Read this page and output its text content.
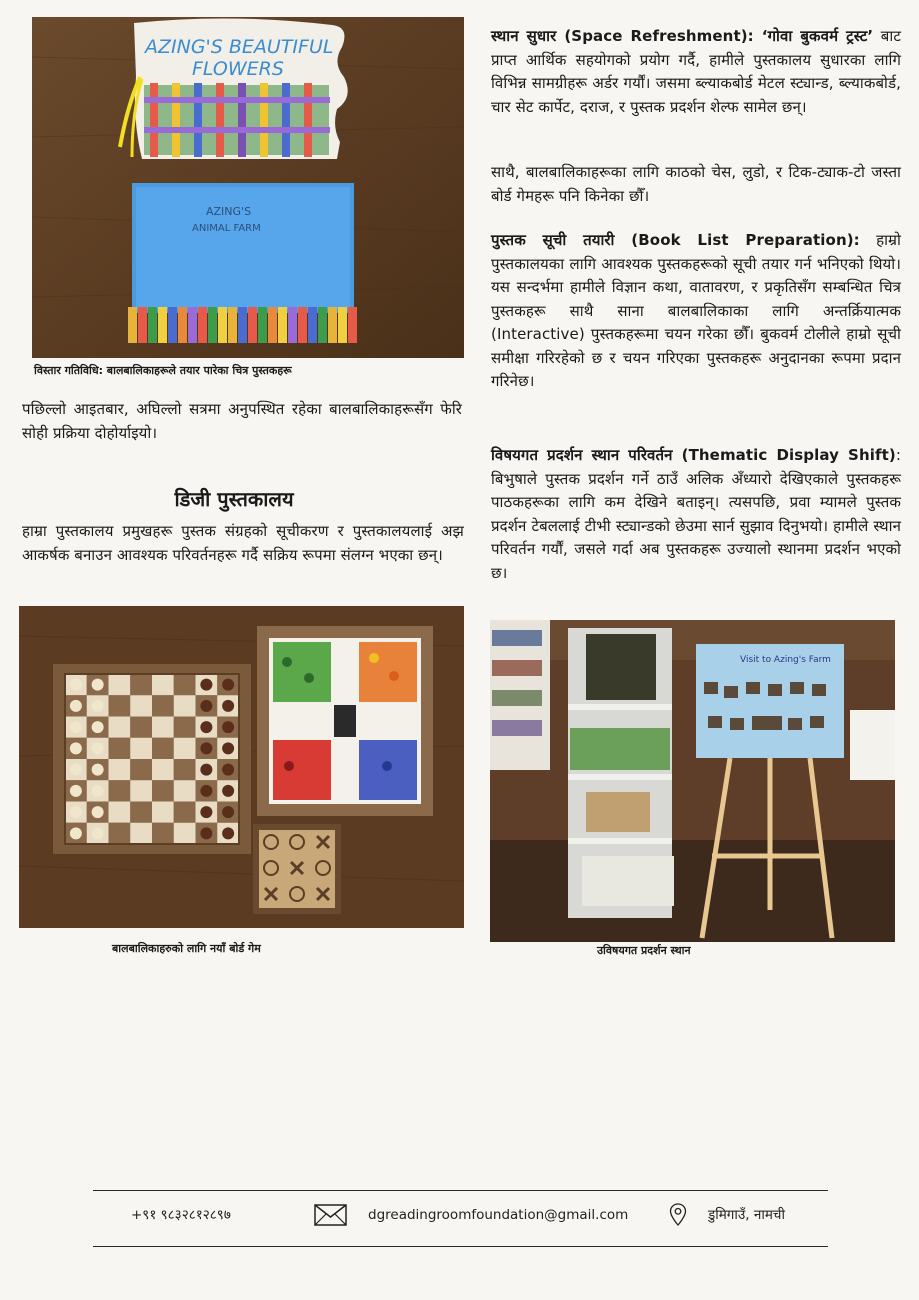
AZING'S BEAUTIFUL
FLOWERS
AZING'S
ANIMAL FARM
विस्तार गतिविधि: बालबालिकाहरूले तयार पारेका चित्र पुस्तकहरू
पछिल्लो आइतबार, अघिल्लो सत्रमा अनुपस्थित रहेका बालबालिकाहरूसँग फेरि सोही प्रक्रिया दोहोर्याइयो।
डिजी पुस्तकालय
हाम्रा पुस्तकालय प्रमुखहरू पुस्तक संग्रहको सूचीकरण र पुस्तकालयलाई अझ आकर्षक बनाउन आवश्यक परिवर्तनहरू गर्दै सक्रिय रूपमा संलग्न भएका छन्।
बालबालिकाहरुको लागि नयाँ बोर्ड गेम
स्थान सुधार (Space Refreshment): ‘गोवा बुकवर्म ट्रस्ट’ बाट प्राप्त आर्थिक सहयोगको प्रयोग गर्दै, हामीले पुस्तकालय सुधारका लागि विभिन्न सामग्रीहरू अर्डर गर्यौं। जसमा ब्ल्याकबोर्ड मेटल स्ट्यान्ड, ब्ल्याकबोर्ड, चार सेट कार्पेट, दराज, र पुस्तक प्रदर्शन शेल्फ सामेल छन्।
साथै, बालबालिकाहरूका लागि काठको चेस, लुडो, र टिक-ट्याक-टो जस्ता बोर्ड गेमहरू पनि किनेका छौँ।
पुस्तक सूची तयारी (Book List Preparation): हाम्रो पुस्तकालयका लागि आवश्यक पुस्तकहरूको सूची तयार गर्न भनिएको थियो। यस सन्दर्भमा हामीले विज्ञान कथा, वातावरण, र प्रकृतिसँग सम्बन्धित चित्र पुस्तकहरू साथै साना बालबालिकाका लागि अन्तर्क्रियात्मक (Interactive) पुस्तकहरूमा चयन गरेका छौँ। बुकवर्म टोलीले हाम्रो सूची समीक्षा गरिरहेको छ र चयन गरिएका पुस्तकहरू अनुदानका रूपमा प्रदान गरिनेछ।
विषयगत प्रदर्शन स्थान परिवर्तन (Thematic Display Shift): बिभुषाले पुस्तक प्रदर्शन गर्ने ठाउँ अलिक अँध्यारो देखिएकाले पुस्तकहरू पाठकहरूका लागि कम देखिने बताइन्। त्यसपछि, प्रवा म्यामले पुस्तक प्रदर्शन टेबललाई टीभी स्ट्यान्डको छेउमा सार्न सुझाव दिनुभयो। हामीले स्थान परिवर्तन गर्यौं, जसले गर्दा अब पुस्तकहरू उज्यालो स्थानमा प्रदर्शन भएको छ।
Visit to Azing's Farm
उविषयगत प्रदर्शन स्थान
+९१ ९८३२८१२८९७	dgreadingroomfoundation@gmail.com	डुमिगाउँ, नामची
